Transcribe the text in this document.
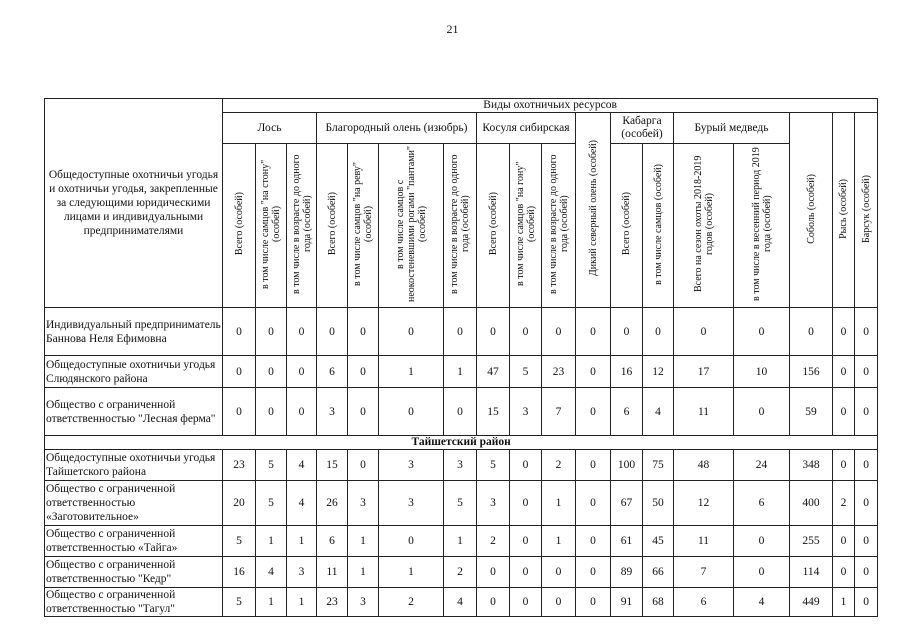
21
Общедоступные охотничьи угодья и охотничьи угодья, закрепленные за следующими юридическими лицами и индивидуальными предпринимателями	Виды охотничьих ресурсов																	
	Лось			Благородный олень (изюбрь)				Косуля сибирская			Дикий северный олень (особей)	Кабарга (особей)		Бурый медведь		Соболь (особей)	Рысь (особей)	Барсук (особей)
	Всего (особей)	в том числе самцов "на стону" (особей)	в том числе в возрасте до одного года (особей)	Всего (особей)	в том числе самцов "на реву" (особей)	в том числе самцов с неокостеневшими рогами "пантами" (особей)	в том числе в возрасте до одного года (особей)	Всего (особей)	в том числе самцов "на гону" (особей)	в том числе в возрасте до одного года (особей)		Всего (особей)	в том числе самцов (особей)	Всего на сезон охоты 2018-2019 годов (особей)	в том числе в весенний период 2019 года (особей)			
Индивидуальный предприниматель Баннова Неля Ефимовна	0	0	0	0	0	0	0	0	0	0	0	0	0	0	0	0	0	0
Общедоступные охотничьи угодья Слюдянского района	0	0	0	6	0	1	1	47	5	23	0	16	12	17	10	156	0	0
Общество с ограниченной ответственностью "Лесная ферма"	0	0	0	3	0	0	0	15	3	7	0	6	4	11	0	59	0	0
Тайшетский район																		
Общедоступные охотничьи угодья Тайшетского района	23	5	4	15	0	3	3	5	0	2	0	100	75	48	24	348	0	0
Общество с ограниченной ответственностью «Заготовительное»	20	5	4	26	3	3	5	3	0	1	0	67	50	12	6	400	2	0
Общество с ограниченной ответственностью «Тайга»	5	1	1	6	1	0	1	2	0	1	0	61	45	11	0	255	0	0
Общество с ограниченной ответственностью "Кедр"	16	4	3	11	1	1	2	0	0	0	0	89	66	7	0	114	0	0
Общество с ограниченной ответственностью "Тагул"	5	1	1	23	3	2	4	0	0	0	0	91	68	6	4	449	1	0
